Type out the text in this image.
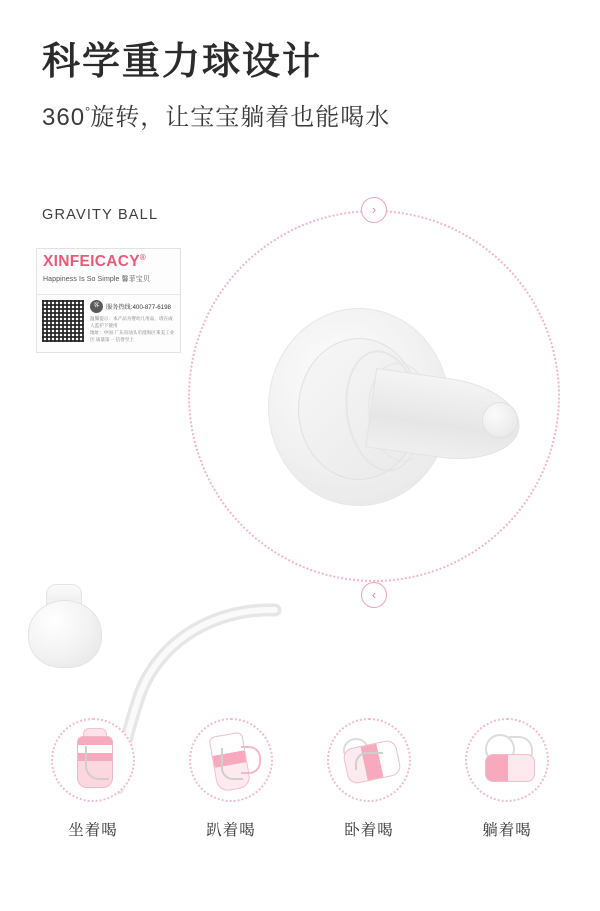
科学重力球设计
360°旋转，让宝宝躺着也能喝水
GRAVITY BALL
XINFEICACY®
Happiness Is So Simple 馨菲宝贝
客	服务热线:400-877-6198
温馨提示：本产品为婴幼儿用品，请在成人监护下使用
地址：中国·广东省汕头市澄海区莱美工业区 质量第一 信誉至上
›
‹
坐着喝	趴着喝	卧着喝	躺着喝
